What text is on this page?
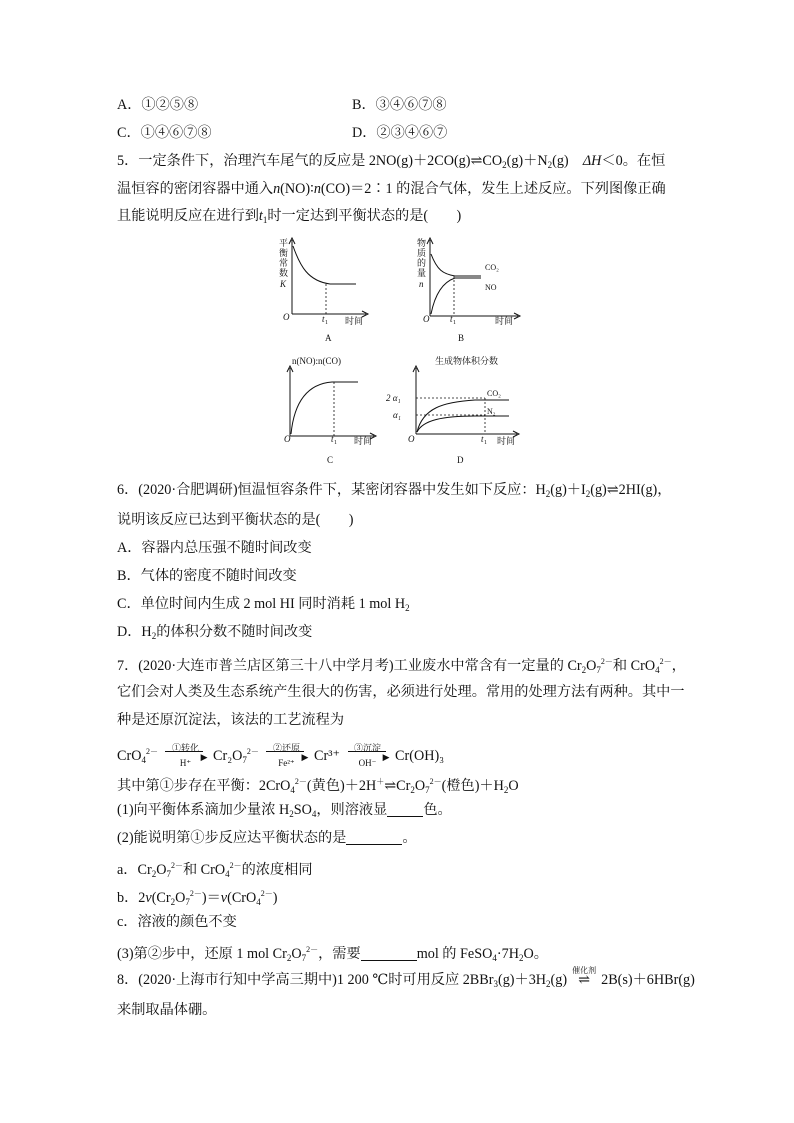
A．①②⑤⑧	B．③④⑥⑦⑧
C．①④⑥⑦⑧	D．②③④⑥⑦
5．一定条件下，治理汽车尾气的反应是 $2NO(g)+2CO(g)\rightleftharpoons CO_2(g)+N_2(g)$　ΔH＜0。在恒
温恒容的密闭容器中通入n(NO)∶n(CO)＝2∶1 的混合气体，发生上述反应。下列图像正确
且能说明反应在进行到$t_1$时一定达到平衡状态的是(　　)
平
衡
常
数
K
O	t 1 时间
A
物
质
的
量
n
O t 1	时间
CO₂
NO
B
n(NO):n(CO)
O	t 1 时间
C
生成物体积分数
2 α₁
α₁
CO₂
N₂
O	t 1 时间
D
6．(2020·合肥调研)恒温恒容条件下，某密闭容器中发生如下反应：$H_2(g)+I_2(g)\rightleftharpoons 2HI(g)$，
说明该反应已达到平衡状态的是(　　)
A．容器内总压强不随时间改变
B．气体的密度不随时间改变
C．单位时间内生成 2 mol HI 同时消耗 1 mol $H_2$
D．$H_2$的体积分数不随时间改变
7．(2020·大连市普兰店区第三十八中学月考)工业废水中常含有一定量的 $Cr_2O_7^{2-}$和 CrO$_4^{2-}$，
它们会对人类及生态系统产生很大的伤害，必须进行处理。常用的处理方法有两种。其中一
种是还原沉淀法，该法的工艺流程为
CrO$_4^{2-}$	①转化
▶
H⁺	$Cr_2O_7^{2-}$	②还原
▶
Fe²⁺	Cr³⁺	③沉淀
▶
OH⁻	Cr(OH)₃
其中第①步存在平衡：2CrO$_4^{2-}$(黄色)$+2H^+\rightleftharpoons Cr_2O_7^{2-}$(橙色)$+H_2O$
(1)向平衡体系滴加少量浓 $H_2SO_4$，则溶液显	色。
(2)能说明第①步反应达平衡状态的是	。
a．$Cr_2O_7^{2-}$和 CrO$_4^{2-}$的浓度相同
b．$2v(Cr_2O_7^{2-})=v(CrO_4^{2-})$
c．溶液的颜色不变
(3)第②步中，还原 1 mol $Cr_2O_7^{2-}$，需要	mol 的 $FeSO_4\cdot 7H_2O$。
8．(2020·上海市行知中学高三期中)1 200 ℃时可用反应 $2BBr_3(g)+3H_2(g)$
催化剂
⇌ 2B(s)＋6HBr(g)
来制取晶体硼。
